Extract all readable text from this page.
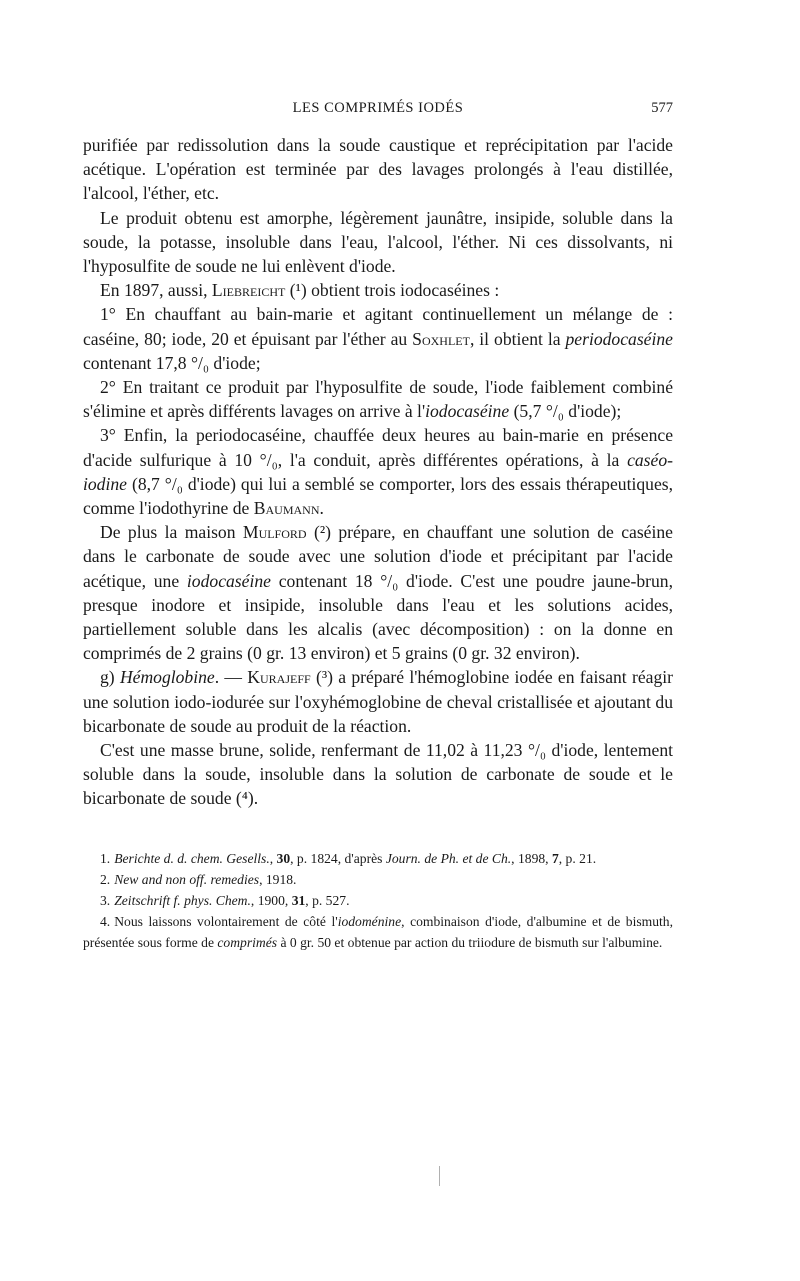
LES COMPRIMÉS IODÉS	577

purifiée par redissolution dans la soude caustique et reprécipitation par l'acide acétique. L'opération est terminée par des lavages prolongés à l'eau distillée, l'alcool, l'éther, etc.

Le produit obtenu est amorphe, légèrement jaunâtre, insipide, soluble dans la soude, la potasse, insoluble dans l'eau, l'alcool, l'éther. Ni ces dissolvants, ni l'hyposulfite de soude ne lui enlèvent d'iode.

En 1897, aussi, Liebreicht (¹) obtient trois iodocaséines :

1° En chauffant au bain-marie et agitant continuellement un mélange de : caséine, 80; iode, 20 et épuisant par l'éther au Soxhlet, il obtient la periodocaséine contenant 17,8 °/₀ d'iode;

2° En traitant ce produit par l'hyposulfite de soude, l'iode faiblement combiné s'élimine et après différents lavages on arrive à l'iodocaséine (5,7 °/₀ d'iode);

3° Enfin, la periodocaséine, chauffée deux heures au bain-marie en présence d'acide sulfurique à 10 °/₀, l'a conduit, après différentes opérations, à la caséo-iodine (8,7 °/₀ d'iode) qui lui a semblé se comporter, lors des essais thérapeutiques, comme l'iodothyrine de Baumann.

De plus la maison Mulford (²) prépare, en chauffant une solution de caséine dans le carbonate de soude avec une solution d'iode et précipitant par l'acide acétique, une iodocaséine contenant 18 °/₀ d'iode. C'est une poudre jaune-brun, presque inodore et insipide, insoluble dans l'eau et les solutions acides, partiellement soluble dans les alcalis (avec décomposition) : on la donne en comprimés de 2 grains (0 gr. 13 environ) et 5 grains (0 gr. 32 environ).

g) Hémoglobine. — Kurajeff (³) a préparé l'hémoglobine iodée en faisant réagir une solution iodo-iodurée sur l'oxyhémoglobine de cheval cristallisée et ajoutant du bicarbonate de soude au produit de la réaction.

C'est une masse brune, solide, renfermant de 11,02 à 11,23 °/₀ d'iode, lentement soluble dans la soude, insoluble dans la solution de carbonate de soude et le bicarbonate de soude (⁴).

1. Berichte d. d. chem. Gesells., 30, p. 1824, d'après Journ. de Ph. et de Ch., 1898, 7, p. 21.

2. New and non off. remedies, 1918.

3. Zeitschrift f. phys. Chem., 1900, 31, p. 527.

4. Nous laissons volontairement de côté l'iodoménine, combinaison d'iode, d'albumine et de bismuth, présentée sous forme de comprimés à 0 gr. 50 et obtenue par action du triiodure de bismuth sur l'albumine.
